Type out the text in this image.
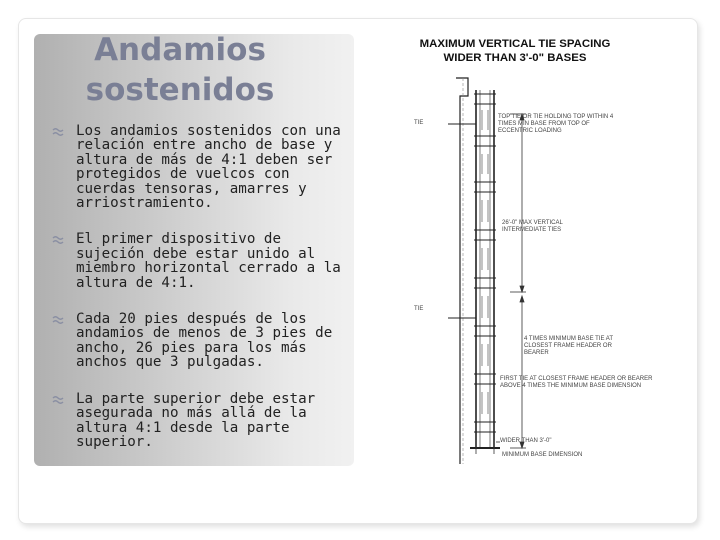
Andamios
sostenidos
Los andamios sostenidos con una relación entre ancho de base y altura de más de 4:1 deben ser protegidos de vuelcos con cuerdas tensoras, amarres y arriostramiento.
El primer dispositivo de sujeción debe estar unido al miembro horizontal cerrado a la altura de 4:1.
Cada 20 pies después de los andamios de menos de 3 pies de ancho, 26 pies para los más anchos que 3 pulgadas.
La parte superior debe estar asegurada no más allá de la altura 4:1 desde la parte superior.
MAXIMUM VERTICAL TIE SPACING
WIDER THAN 3'-0" BASES
TIE
TIE
TOP TIE OR TIE HOLDING TOP WITHIN 4 TIMES MIN BASE FROM TOP OF ECCENTRIC LOADING
26'-0" MAX VERTICAL INTERMEDIATE TIES
4 TIMES MINIMUM BASE TIE AT CLOSEST FRAME HEADER OR BEARER
FIRST TIE AT CLOSEST FRAME HEADER OR BEARER ABOVE 4 TIMES THE MINIMUM BASE DIMENSION
WIDER THAN 3'-0"
MINIMUM BASE DIMENSION
